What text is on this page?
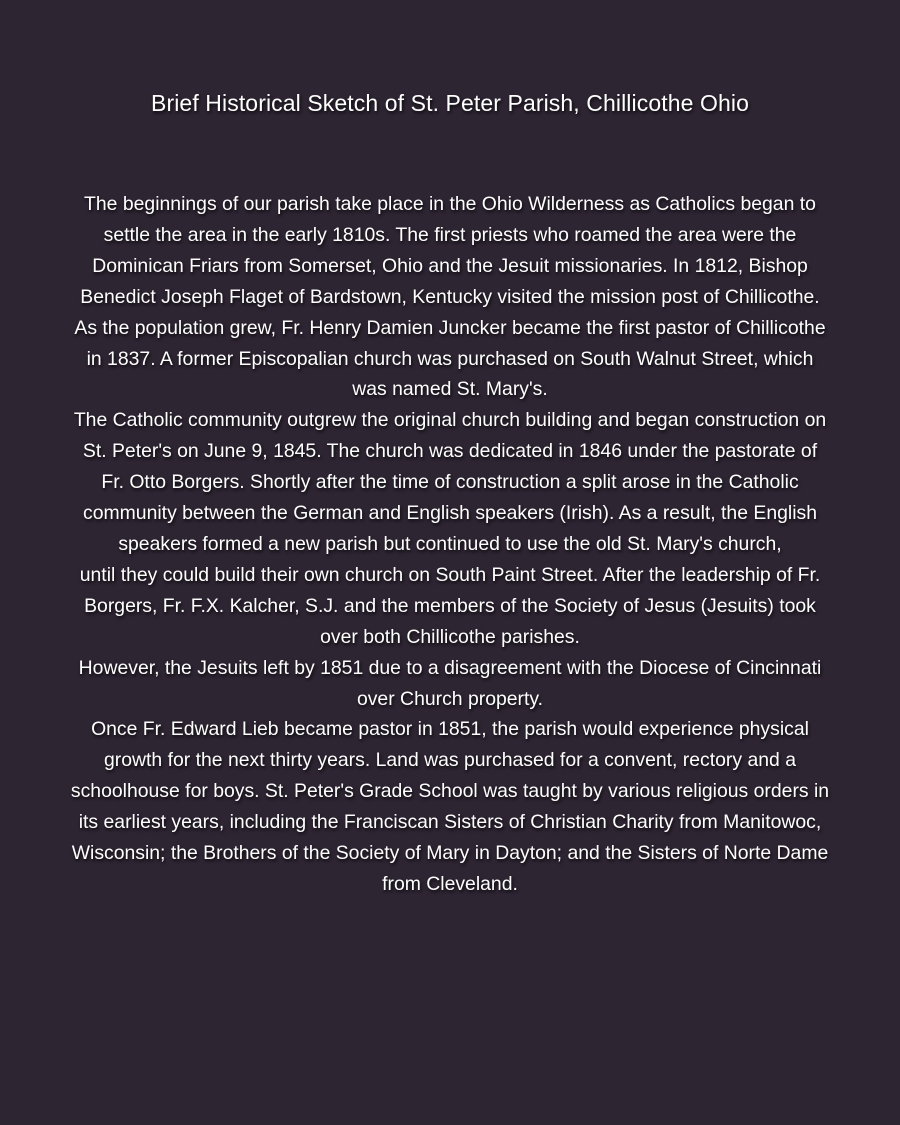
Brief Historical Sketch of St. Peter Parish, Chillicothe Ohio

The beginnings of our parish take place in the Ohio Wilderness as Catholics began to settle the area in the early 1810s. The first priests who roamed the area were the Dominican Friars from Somerset, Ohio and the Jesuit missionaries. In 1812, Bishop Benedict Joseph Flaget of Bardstown, Kentucky visited the mission post of Chillicothe.

As the population grew, Fr. Henry Damien Juncker became the first pastor of Chillicothe in 1837. A former Episcopalian church was purchased on South Walnut Street, which was named St. Mary's.

The Catholic community outgrew the original church building and began construction on St. Peter's on June 9, 1845. The church was dedicated in 1846 under the pastorate of Fr. Otto Borgers. Shortly after the time of construction a split arose in the Catholic community between the German and English speakers (Irish). As a result, the English speakers formed a new parish but continued to use the old St. Mary's church,

until they could build their own church on South Paint Street. After the leadership of Fr. Borgers, Fr. F.X. Kalcher, S.J. and the members of the Society of Jesus (Jesuits) took over both Chillicothe parishes.

However, the Jesuits left by 1851 due to a disagreement with the Diocese of Cincinnati over Church property.

Once Fr. Edward Lieb became pastor in 1851, the parish would experience physical growth for the next thirty years. Land was purchased for a convent, rectory and a schoolhouse for boys. St. Peter's Grade School was taught by various religious orders in its earliest years, including the Franciscan Sisters of Christian Charity from Manitowoc, Wisconsin; the Brothers of the Society of Mary in Dayton; and the Sisters of Norte Dame from Cleveland.
